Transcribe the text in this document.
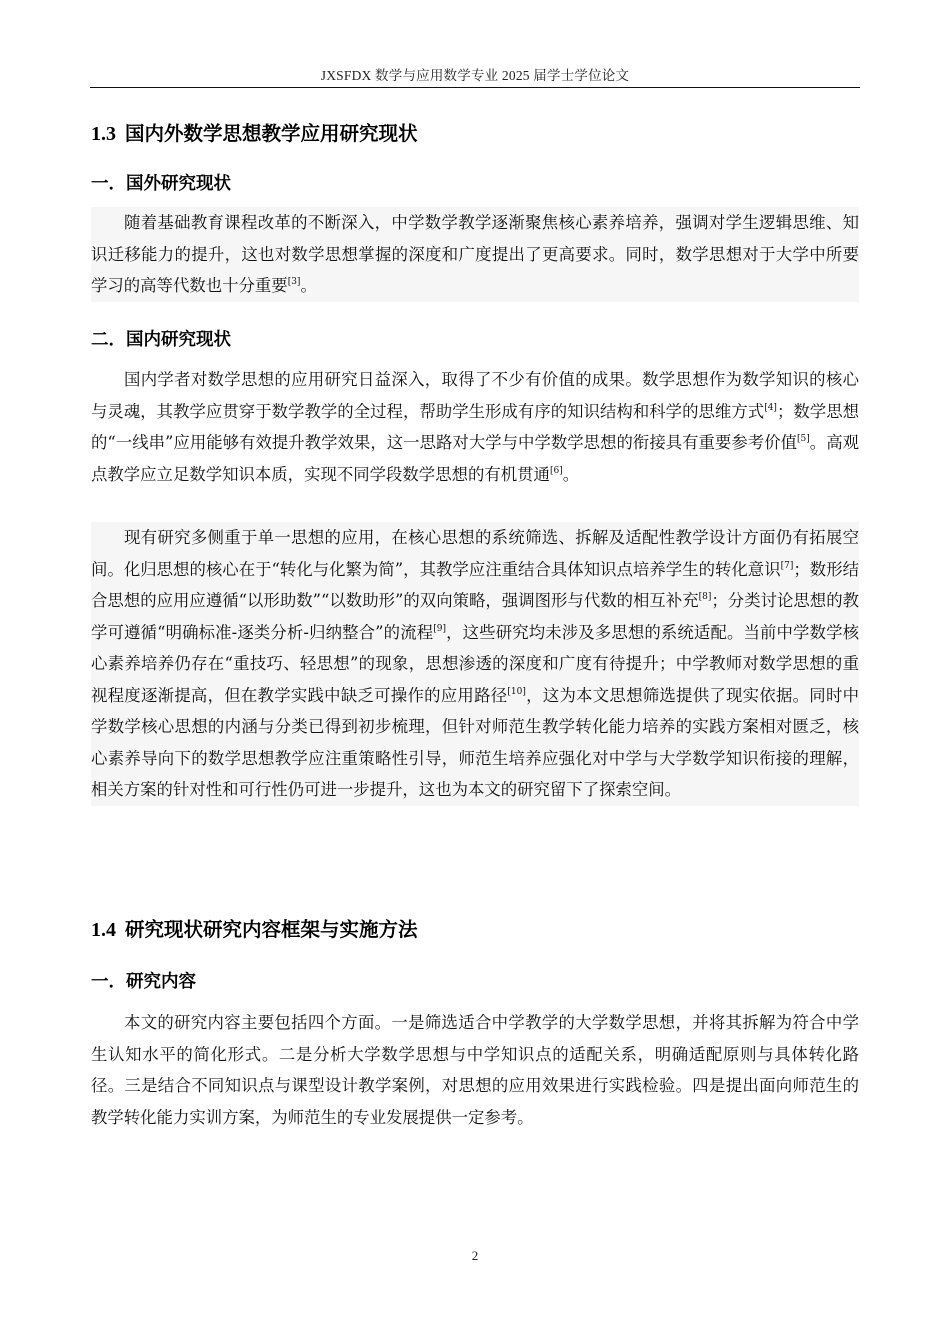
JXSFDX 数学与应用数学专业 2025 届学士学位论文
1.3 国内外数学思想教学应用研究现状
一．国外研究现状
随着基础教育课程改革的不断深入，中学数学教学逐渐聚焦核心素养培养，强调对学生逻辑思维、知识迁移能力的提升，这也对数学思想掌握的深度和广度提出了更高要求。同时，数学思想对于大学中所要学习的高等代数也十分重要[3]。
二．国内研究现状
国内学者对数学思想的应用研究日益深入，取得了不少有价值的成果。数学思想作为数学知识的核心与灵魂，其教学应贯穿于数学教学的全过程，帮助学生形成有序的知识结构和科学的思维方式[4]；数学思想的“一线串”应用能够有效提升教学效果，这一思路对大学与中学数学思想的衔接具有重要参考价值[5]。高观点教学应立足数学知识本质，实现不同学段数学思想的有机贯通[6]。
现有研究多侧重于单一思想的应用，在核心思想的系统筛选、拆解及适配性教学设计方面仍有拓展空间。化归思想的核心在于“转化与化繁为简”，其教学应注重结合具体知识点培养学生的转化意识[7]；数形结合思想的应用应遵循“以形助数”“以数助形”的双向策略，强调图形与代数的相互补充[8]；分类讨论思想的教学可遵循“明确标准-逐类分析-归纳整合”的流程[9]，这些研究均未涉及多思想的系统适配。当前中学数学核心素养培养仍存在“重技巧、轻思想”的现象，思想渗透的深度和广度有待提升；中学教师对数学思想的重视程度逐渐提高，但在教学实践中缺乏可操作的应用路径[10]，这为本文思想筛选提供了现实依据。同时中学数学核心思想的内涵与分类已得到初步梳理，但针对师范生教学转化能力培养的实践方案相对匮乏，核心素养导向下的数学思想教学应注重策略性引导，师范生培养应强化对中学与大学数学知识衔接的理解，相关方案的针对性和可行性仍可进一步提升，这也为本文的研究留下了探索空间。
1.4 研究现状研究内容框架与实施方法
一．研究内容
本文的研究内容主要包括四个方面。一是筛选适合中学教学的大学数学思想，并将其拆解为符合中学生认知水平的简化形式。二是分析大学数学思想与中学知识点的适配关系，明确适配原则与具体转化路径。三是结合不同知识点与课型设计教学案例，对思想的应用效果进行实践检验。四是提出面向师范生的教学转化能力实训方案，为师范生的专业发展提供一定参考。
2
